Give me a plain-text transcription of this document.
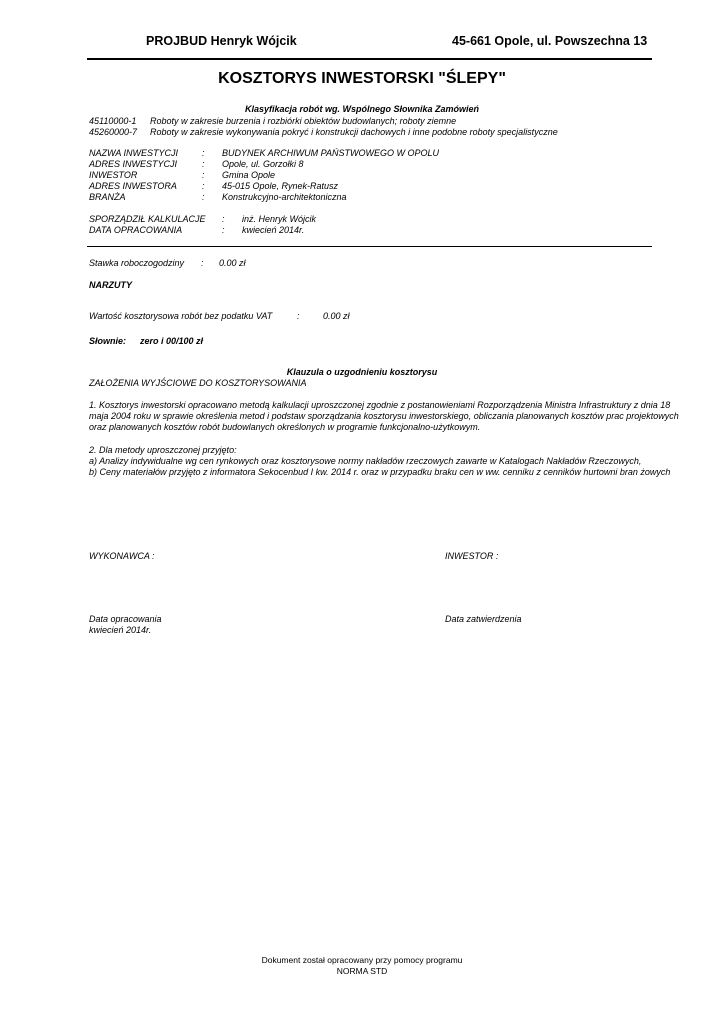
PROJBUD Henryk Wójcik	45-661 Opole, ul. Powszechna 13
KOSZTORYS INWESTORSKI "ŚLEPY"
Klasyfikacja robót wg. Wspólnego Słownika Zamówień
45110000-1	Roboty w zakresie burzenia i rozbiórki obiektów budowlanych; roboty ziemne
45260000-7	Roboty w zakresie wykonywania pokryć i konstrukcji dachowych i inne podobne roboty specjalistyczne
NAZWA INWESTYCJI	:	BUDYNEK ARCHIWUM PAŃSTWOWEGO W OPOLU
ADRES INWESTYCJI	:	Opole, ul. Gorzołki 8
INWESTOR	:	Gmina Opole
ADRES INWESTORA	:	45-015 Opole, Rynek-Ratusz
BRANŻA	:	Konstrukcyjno-architektoniczna
SPORZĄDZIŁ KALKULACJE	:	inż. Henryk Wójcik
DATA OPRACOWANIA	:	kwiecień 2014r.
Stawka roboczogodziny	:	0.00 zł
NARZUTY
Wartość kosztorysowa robót bez podatku VAT	:	0.00 zł
Słownie:	zero i 00/100 zł
Klauzula o uzgodnieniu kosztorysu
ZAŁOŻENIA WYJŚCIOWE DO KOSZTORYSOWANIA
1. Kosztorys inwestorski opracowano metodą kalkulacji uproszczonej zgodnie z postanowieniami Rozporządzenia Ministra Infrastruktury z dnia 18 maja 2004 roku w sprawie określenia metod i podstaw sporządzania kosztorysu inwestorskiego, obliczania planowanych kosztów prac projektowych oraz planowanych kosztów robót budowlanych określonych w programie funkcjonalno-użytkowym.
2. Dla metody uproszczonej przyjęto:
a) Analizy indywidualne wg cen rynkowych oraz kosztorysowe normy nakładów rzeczowych zawarte w Katalogach Nakładów Rzeczowych,
b) Ceny materiałów przyjęto z informatora Sekocenbud I kw. 2014 r. oraz w przypadku braku cen w ww. cenniku z cenników hurtowni bran żowych
WYKONAWCA :	INWESTOR :
Data opracowania
kwiecień 2014r.
Data zatwierdzenia
Dokument został opracowany przy pomocy programu
NORMA STD
